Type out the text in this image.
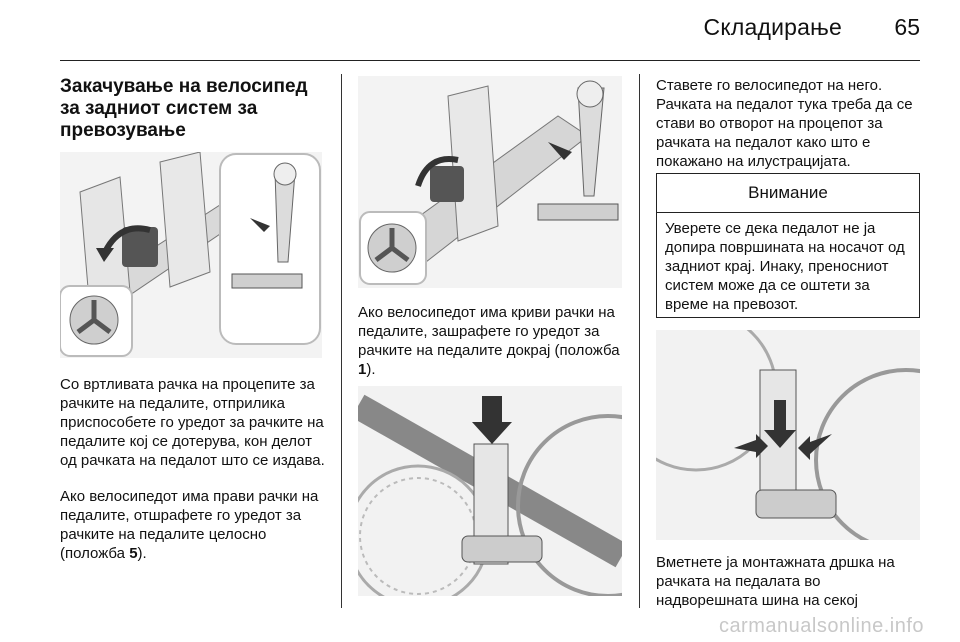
Складирање 65
Закачување на велосипед за задниот систем за превозување

Со вртливата рачка на процепите за рачките на педалите, отприлика приспособете го уредот за рачките на педалите кој се дотерува, кон делот од рачката на педалот што се издава.

Ако велосипедот има прави рачки на педалите, отшрафете го уредот за рачките на педалите целосно (положба 5).

Ако велосипедот има криви рачки на педалите, зашрафете го уредот за рачките на педалите докрај (положба 1).

Ставете го велосипедот на него. Рачката на педалот тука треба да се стави во отворот на процепот за рачката на педалот како што е покажано на илустрацијата.

Внимание
Уверете се дека педалот не ја допира површината на носачот од задниот крај. Инаку, преносниот систем може да се оштети за време на превозот.

Вметнете ја монтажната дршка на рачката на педалата во надворешната шина на секој

carmanualsonline.info
